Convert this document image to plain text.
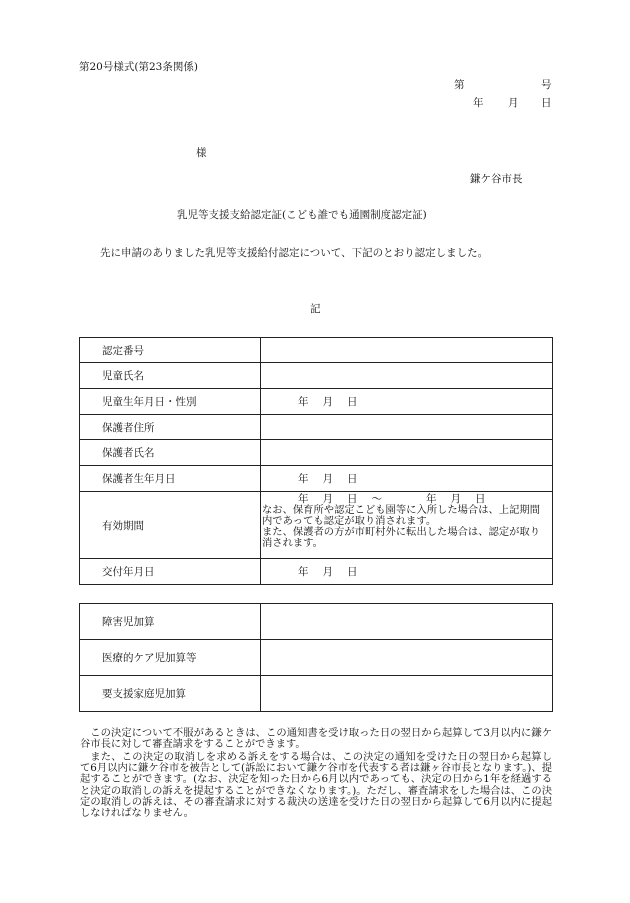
第20号様式(第23条関係)
第	号
年 月 日
様
鎌ケ谷市長
乳児等支援支給認定証(こども誰でも通園制度認定証)
先に申請のありました乳児等支援給付認定について、下記のとおり認定しました。
記
認定番号	
児童氏名	
児童生年月日・性別	年 月 日
保護者住所	
保護者氏名	
保護者生年月日	年 月 日
有効期間	年 月 日 ～ 年 月 日
なお、保育所や認定こども園等に入所した場合は、上記期間内であっても認定が取り消されます。
また、保護者の方が市町村外に転出した場合は、認定が取り消されます。

交付年月日	年 月 日
障害児加算	
医療的ケア児加算等	
要支援家庭児加算	
この決定について不服があるときは、この通知書を受け取った日の翌日から起算して3月以内に鎌ケ谷市長に対して審査請求をすることができます。
また、この決定の取消しを求める訴えをする場合は、この決定の通知を受けた日の翌日から起算して6月以内に鎌ケ谷市を被告として(訴訟において鎌ケ谷市を代表する者は鎌ヶ谷市長となります。)、提起することができます。(なお、決定を知った日から6月以内であっても、決定の日から1年を経過すると決定の取消しの訴えを提起することができなくなります。)。ただし、審査請求をした場合は、この決定の取消しの訴えは、その審査請求に対する裁決の送達を受けた日の翌日から起算して6月以内に提起しなければなりません。
